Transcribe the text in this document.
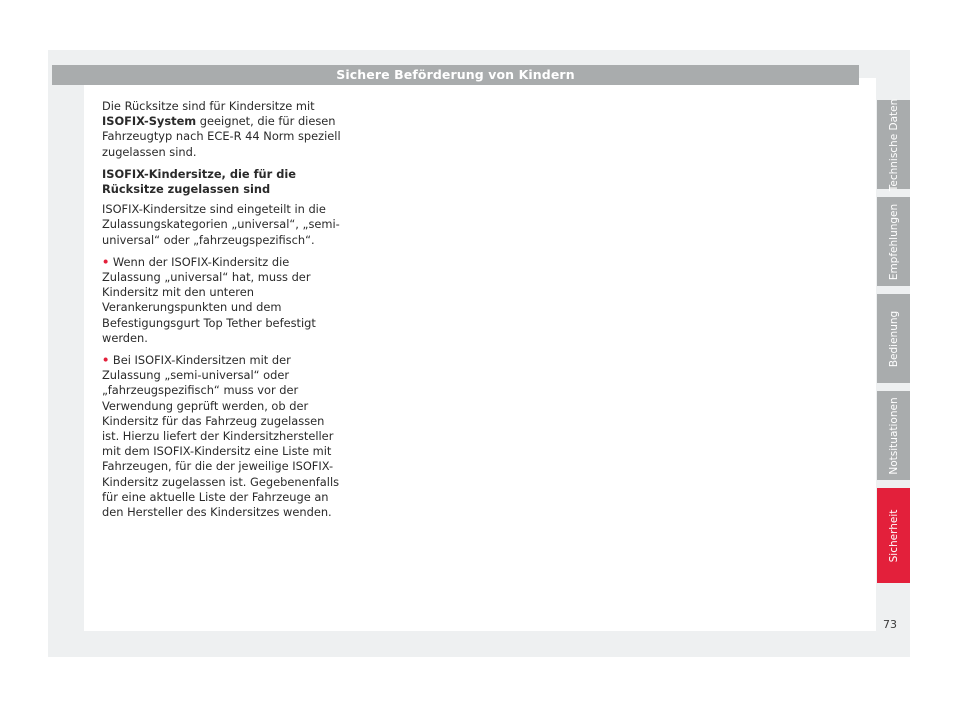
Sichere Beförderung von Kindern

Die Rücksitze sind für Kindersitze mit ISOFIX-System geeignet, die für diesen Fahrzeugtyp nach ECE-R 44 Norm speziell zugelassen sind.

ISOFIX-Kindersitze, die für die Rücksitze zugelassen sind

ISOFIX-Kindersitze sind eingeteilt in die Zulassungskategorien „universal“, „semi-universal“ oder „fahrzeugspezifisch“.

• Wenn der ISOFIX-Kindersitz die Zulassung „universal“ hat, muss der Kindersitz mit den unteren Verankerungspunkten und dem Befestigungsgurt Top Tether befestigt werden.

• Bei ISOFIX-Kindersitzen mit der Zulassung „semi-universal“ oder „fahrzeugspezifisch“ muss vor der Verwendung geprüft werden, ob der Kindersitz für das Fahrzeug zugelassen ist. Hierzu liefert der Kindersitzhersteller mit dem ISOFIX-Kindersitz eine Liste mit Fahrzeugen, für die der jeweilige ISOFIX-Kindersitz zugelassen ist. Gegebenenfalls für eine aktuelle Liste der Fahrzeuge an den Hersteller des Kindersitzes wenden.

Technische Daten
Empfehlungen
Bedienung
Notsituationen
Sicherheit
73
